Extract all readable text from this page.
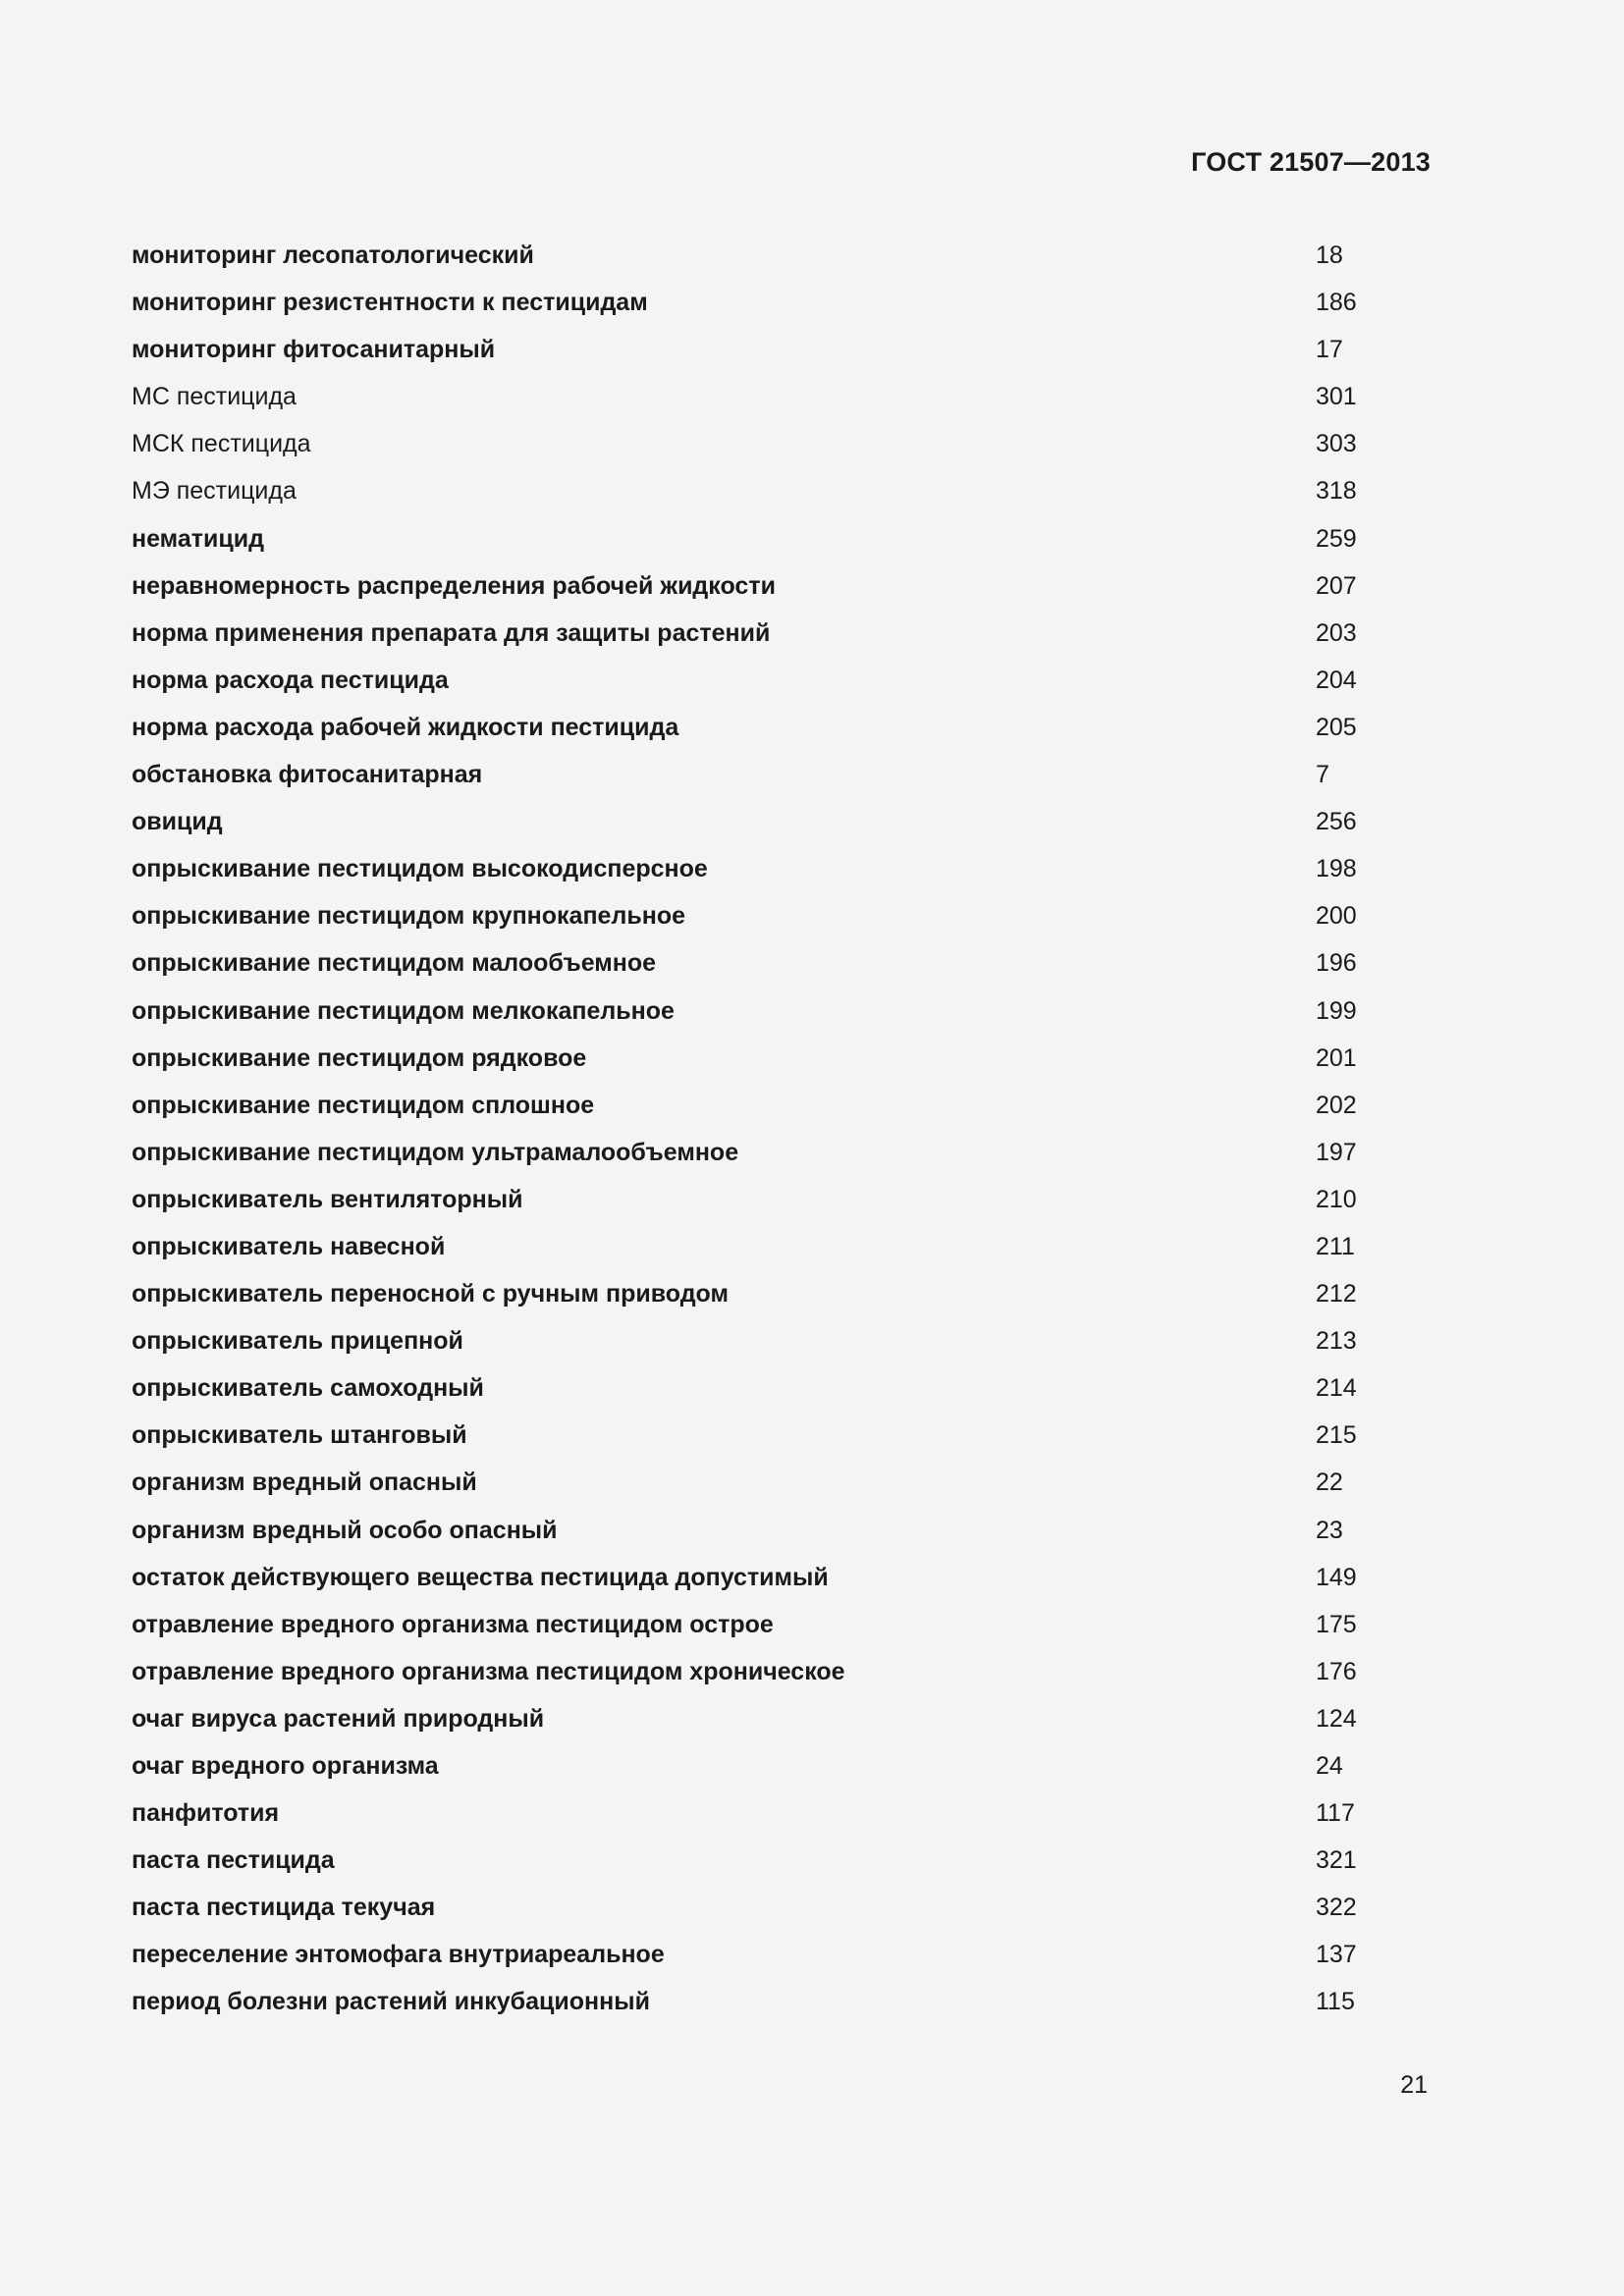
ГОСТ 21507—2013
мониторинг лесопатологический	18
мониторинг резистентности к пестицидам	186
мониторинг фитосанитарный	17
МС пестицида	301
МСК пестицида	303
МЭ пестицида	318
нематицид	259
неравномерность распределения рабочей жидкости	207
норма применения препарата для защиты растений	203
норма расхода пестицида	204
норма расхода рабочей жидкости пестицида	205
обстановка фитосанитарная	7
овицид	256
опрыскивание пестицидом высокодисперсное	198
опрыскивание пестицидом крупнокапельное	200
опрыскивание пестицидом малообъемное	196
опрыскивание пестицидом мелкокапельное	199
опрыскивание пестицидом рядковое	201
опрыскивание пестицидом сплошное	202
опрыскивание пестицидом ультрамалообъемное	197
опрыскиватель вентиляторный	210
опрыскиватель навесной	211
опрыскиватель переносной с ручным приводом	212
опрыскиватель прицепной	213
опрыскиватель самоходный	214
опрыскиватель штанговый	215
организм вредный опасный	22
организм вредный особо опасный	23
остаток действующего вещества пестицида допустимый	149
отравление вредного организма пестицидом острое	175
отравление вредного организма пестицидом хроническое	176
очаг вируса растений природный	124
очаг вредного организма	24
панфитотия	117
паста пестицида	321
паста пестицида текучая	322
переселение энтомофага внутриареальное	137
период болезни растений инкубационный	115
21
